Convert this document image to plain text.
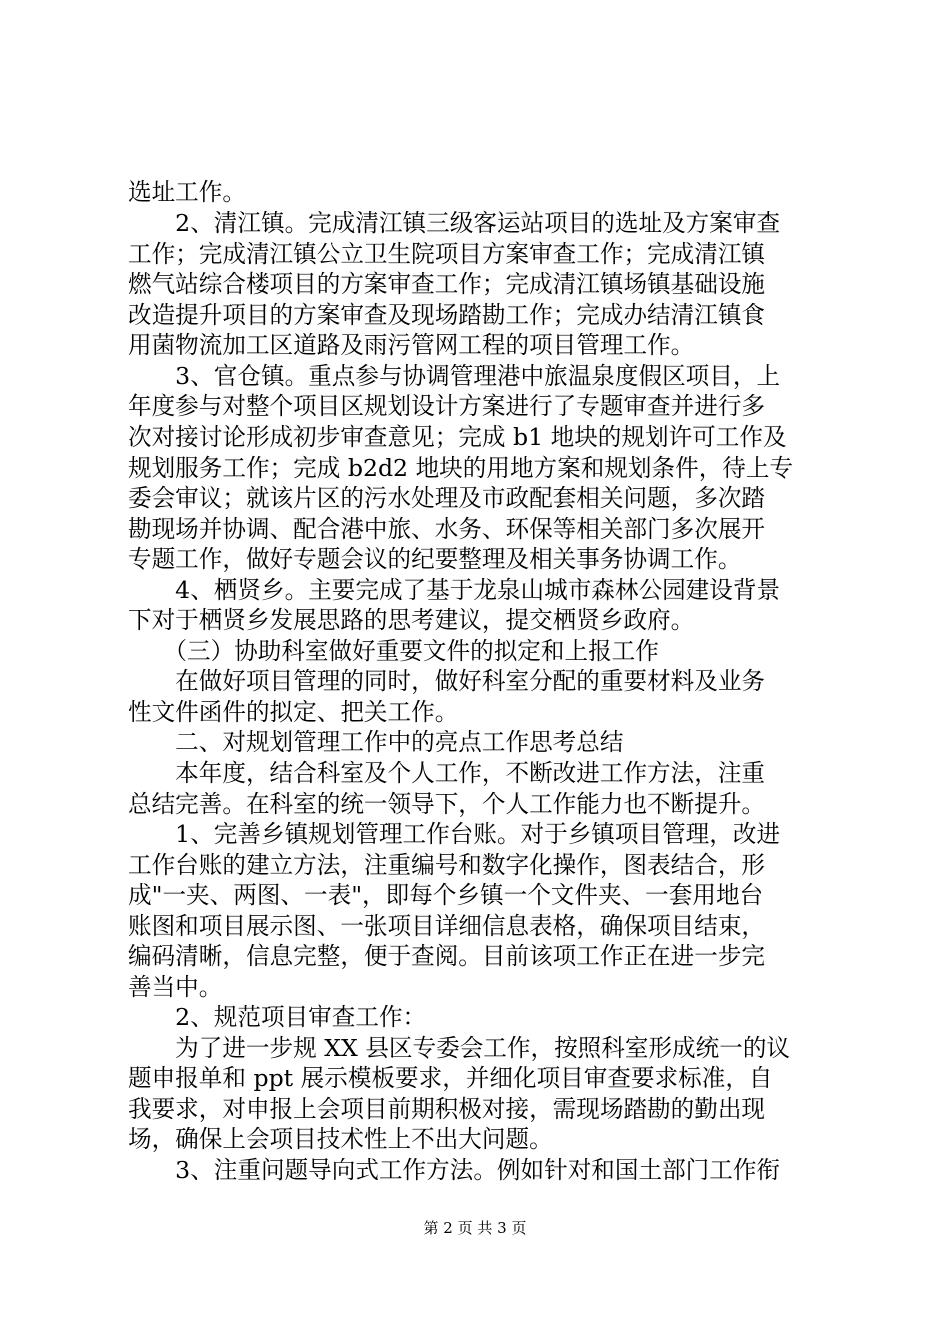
选址工作。
　　2、清江镇。完成清江镇三级客运站项目的选址及方案审查
工作；完成清江镇公立卫生院项目方案审查工作；完成清江镇
燃气站综合楼项目的方案审查工作；完成清江镇场镇基础设施
改造提升项目的方案审查及现场踏勘工作；完成办结清江镇食
用菌物流加工区道路及雨污管网工程的项目管理工作。
　　3、官仓镇。重点参与协调管理港中旅温泉度假区项目，上
年度参与对整个项目区规划设计方案进行了专题审查并进行多
次对接讨论形成初步审查意见；完成 b1 地块的规划许可工作及
规划服务工作；完成 b2d2 地块的用地方案和规划条件，待上专
委会审议；就该片区的污水处理及市政配套相关问题，多次踏
勘现场并协调、配合港中旅、水务、环保等相关部门多次展开
专题工作，做好专题会议的纪要整理及相关事务协调工作。
　　4、栖贤乡。主要完成了基于龙泉山城市森林公园建设背景
下对于栖贤乡发展思路的思考建议，提交栖贤乡政府。
　　（三）协助科室做好重要文件的拟定和上报工作
　　在做好项目管理的同时，做好科室分配的重要材料及业务
性文件函件的拟定、把关工作。
　　二、对规划管理工作中的亮点工作思考总结
　　本年度，结合科室及个人工作，不断改进工作方法，注重
总结完善。在科室的统一领导下，个人工作能力也不断提升。
　　1、完善乡镇规划管理工作台账。对于乡镇项目管理，改进
工作台账的建立方法，注重编号和数字化操作，图表结合，形
成"一夹、两图、一表"，即每个乡镇一个文件夹、一套用地台
账图和项目展示图、一张项目详细信息表格，确保项目结束，
编码清晰，信息完整，便于查阅。目前该项工作正在进一步完
善当中。
　　2、规范项目审查工作：
　　为了进一步规 XX 县区专委会工作，按照科室形成统一的议
题申报单和 ppt 展示模板要求，并细化项目审查要求标准，自
我要求，对申报上会项目前期积极对接，需现场踏勘的勤出现
场，确保上会项目技术性上不出大问题。
　　3、注重问题导向式工作方法。例如针对和国土部门工作衔
第 2 页 共 3 页
